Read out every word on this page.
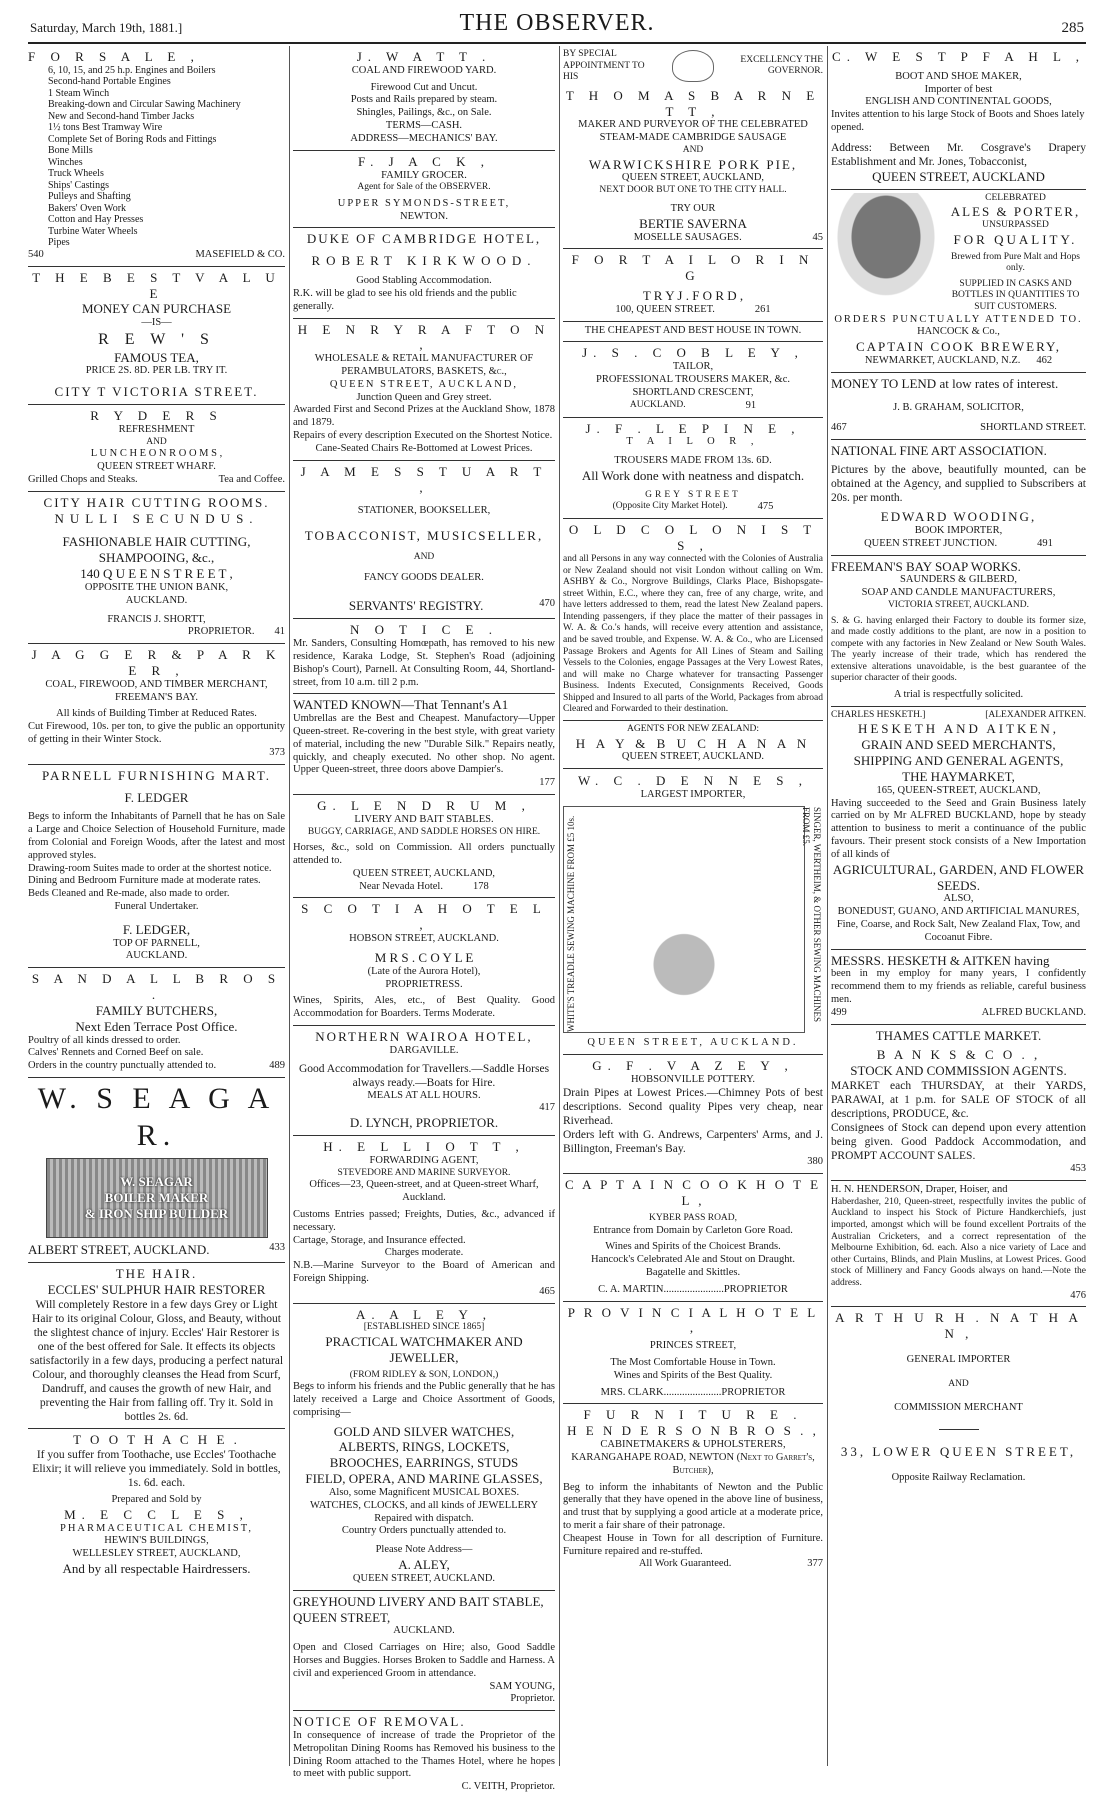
Saturday, March 19th, 1881.]	THE OBSERVER.	285
F O R S A L E ,
6, 10, 15, and 25 h.p. Engines and Boilers
Second-hand Portable Engines
1 Steam Winch
Breaking-down and Circular Sawing Machinery
New and Second-hand Timber Jacks
1½ tons Best Tramway Wire
Complete Set of Boring Rods and Fittings
Bone Mills
Winches
Truck Wheels
Ships' Castings
Pulleys and Shafting
Bakers' Oven Work
Cotton and Hay Presses
Turbine Water Wheels
Pipes
540	MASEFIELD & CO.
T H E B E S T V A L U E
MONEY CAN PURCHASE
—IS—
R E W ' S
FAMOUS TEA,
PRICE 2S. 8D. PER LB. TRY IT.
CITY T VICTORIA STREET.
R Y D E R S
REFRESHMENT
AND
L U N C H E O N R O O M S ,
QUEEN STREET WHARF.
Grilled Chops and Steaks.	Tea and Coffee.
CITY HAIR CUTTING ROOMS.
NULLI SECUNDUS.
FASHIONABLE HAIR CUTTING,
SHAMPOOING, &c.,
140 Q U E E N S T R E E T ,
OPPOSITE THE UNION BANK,
AUCKLAND.
FRANCIS J. SHORTT,
PROPRIETOR. 41
J A G G E R & P A R K E R ,
COAL, FIREWOOD, AND TIMBER MERCHANT,
FREEMAN'S BAY.
All kinds of Building Timber at Reduced Rates.
Cut Firewood, 10s. per ton, to give the public an opportunity of getting in their Winter Stock.
373
PARNELL FURNISHING MART.
F. LEDGER
Begs to inform the Inhabitants of Parnell that he has on Sale a Large and Choice Selection of Household Furniture, made from Colonial and Foreign Woods, after the latest and most approved styles.
Drawing-room Suites made to order at the shortest notice.
Dining and Bedroom Furniture made at moderate rates.
Beds Cleaned and Re-made, also made to order.
Funeral Undertaker.
F. LEDGER,
TOP OF PARNELL,
AUCKLAND.
S A N D A L L B R O S .
FAMILY BUTCHERS,
Next Eden Terrace Post Office.
Poultry of all kinds dressed to order.
Calves' Rennets and Corned Beef on sale.
Orders in the country punctually attended to.	489
W. S E A G A R.
W. SEAGAR
BOILER MAKER
& IRON SHIP BUILDER
ALBERT STREET, AUCKLAND.	433
THE HAIR.
ECCLES' SULPHUR HAIR RESTORER
Will completely Restore in a few days Grey or Light Hair to its original Colour, Gloss, and Beauty, without the slightest chance of injury. Eccles' Hair Restorer is one of the best offered for Sale. It effects its objects satisfactorily in a few days, producing a perfect natural Colour, and thoroughly cleanses the Head from Scurf, Dandruff, and causes the growth of new Hair, and preventing the Hair from falling off. Try it. Sold in bottles 2s. 6d.
T O O T H A C H E .
If you suffer from Toothache, use Eccles' Toothache Elixir; it will relieve you immediately. Sold in bottles, 1s. 6d. each.
Prepared and Sold by
M. E C C L E S ,
PHARMACEUTICAL CHEMIST,
HEWIN'S BUILDINGS,
WELLESLEY STREET, AUCKLAND,
And by all respectable Hairdressers.
J. W A T T .
COAL AND FIREWOOD YARD.
Firewood Cut and Uncut.
Posts and Rails prepared by steam.
Shingles, Pailings, &c., on Sale.
TERMS—CASH.
ADDRESS—MECHANICS' BAY.
F. J A C K ,
FAMILY GROCER.
Agent for Sale of the OBSERVER.
UPPER SYMONDS-STREET,
NEWTON.
DUKE OF CAMBRIDGE HOTEL,
ROBERT KIRKWOOD.
Good Stabling Accommodation.
R.K. will be glad to see his old friends and the public generally.
H E N R Y R A F T O N ,
WHOLESALE & RETAIL MANUFACTURER OF
PERAMBULATORS, BASKETS, &c.,
QUEEN STREET, AUCKLAND,
Junction Queen and Grey street.
Awarded First and Second Prizes at the Auckland Show, 1878 and 1879.
Repairs of every description Executed on the Shortest Notice.
Cane-Seated Chairs Re-Bottomed at Lowest Prices.
J A M E S S T U A R T ,
STATIONER, BOOKSELLER,
TOBACCONIST, MUSICSELLER,
AND
FANCY GOODS DEALER.
SERVANTS' REGISTRY.	470
N O T I C E .
Mr. Sanders, Consulting Homœpath, has removed to his new residence, Karaka Lodge, St. Stephen's Road (adjoining Bishop's Court), Parnell. At Consulting Room, 44, Shortland-street, from 10 a.m. till 2 p.m.
WANTED KNOWN—That Tennant's A1
Umbrellas are the Best and Cheapest. Manufactory—Upper Queen-street. Re-covering in the best style, with great variety of material, including the new "Durable Silk." Repairs neatly, quickly, and cheaply executed. No other shop. No agent. Upper Queen-street, three doors above Dampier's.
177
G. L E N D R U M ,
LIVERY AND BAIT STABLES.
BUGGY, CARRIAGE, AND SADDLE HORSES ON HIRE.
Horses, &c., sold on Commission. All orders punctually attended to.
QUEEN STREET, AUCKLAND,
Near Nevada Hotel.	178
S C O T I A H O T E L ,
HOBSON STREET, AUCKLAND.
M R S . C O Y L E
(Late of the Aurora Hotel),
PROPRIETRESS.
Wines, Spirits, Ales, etc., of Best Quality. Good Accommodation for Boarders. Terms Moderate.
NORTHERN WAIROA HOTEL,
DARGAVILLE.
Good Accommodation for Travellers.—Saddle Horses always ready.—Boats for Hire.
MEALS AT ALL HOURS.
417
D. LYNCH, PROPRIETOR.
H. E L L I O T T ,
FORWARDING AGENT,
STEVEDORE AND MARINE SURVEYOR.
Offices—23, Queen-street, and at Queen-street Wharf, Auckland.
Customs Entries passed; Freights, Duties, &c., advanced if necessary.
Cartage, Storage, and Insurance effected.
Charges moderate.
N.B.—Marine Surveyor to the Board of American and Foreign Shipping.
465
A. A L E Y ,
[ESTABLISHED SINCE 1865]
PRACTICAL WATCHMAKER AND JEWELLER,
(FROM RIDLEY & SON, LONDON,)
Begs to inform his friends and the Public generally that he has lately received a Large and Choice Assortment of Goods, comprising—
GOLD AND SILVER WATCHES,
ALBERTS, RINGS, LOCKETS,
BROOCHES, EARRINGS, STUDS
FIELD, OPERA, AND MARINE GLASSES,
Also, some Magnificent MUSICAL BOXES.
WATCHES, CLOCKS, and all kinds of JEWELLERY Repaired with dispatch.
Country Orders punctually attended to.
Please Note Address—
A. ALEY,
QUEEN STREET, AUCKLAND.
GREYHOUND LIVERY AND BAIT STABLE, QUEEN STREET,
AUCKLAND.
Open and Closed Carriages on Hire; also, Good Saddle Horses and Buggies. Horses Broken to Saddle and Harness. A civil and experienced Groom in attendance.
SAM YOUNG,
Proprietor.
NOTICE OF REMOVAL.
In consequence of increase of trade the Proprietor of the Metropolitan Dining Rooms has Removed his business to the Dining Room attached to the Thames Hotel, where he hopes to meet with public support.
C. VEITH, Proprietor.
BY SPECIAL APPOINTMENT TO HIS
EXCELLENCY THE GOVERNOR.
T H O M A S B A R N E T T ,
MAKER AND PURVEYOR OF THE CELEBRATED
STEAM-MADE CAMBRIDGE SAUSAGE
AND
WARWICKSHIRE PORK PIE,
QUEEN STREET, AUCKLAND,
NEXT DOOR BUT ONE TO THE CITY HALL.
TRY OUR
BERTIE SAVERNA
MOSELLE SAUSAGES.	45
F O R T A I L O R I N G
T R Y J . F O R D ,
100, QUEEN STREET.	261
THE CHEAPEST AND BEST HOUSE IN TOWN.
J. S . C O B L E Y ,
TAILOR,
PROFESSIONAL TROUSERS MAKER, &c.
SHORTLAND CRESCENT,
AUCKLAND.	91
J. F . L E P I N E ,
T A I L O R ,
TROUSERS MADE FROM 13s. 6D.
All Work done with neatness and dispatch.
GREY STREET
(Opposite City Market Hotel).	475
O L D C O L O N I S T S ,
and all Persons in any way connected with the Colonies of Australia or New Zealand should not visit London without calling on Wm. ASHBY & Co., Norgrove Buildings, Clarks Place, Bishopsgate-street Within, E.C., where they can, free of any charge, write, and have letters addressed to them, read the latest New Zealand papers. Intending passengers, if they place the matter of their passages in W. A. & Co.'s hands, will receive every attention and assistance, and be saved trouble, and Expense. W. A. & Co., who are Licensed Passage Brokers and Agents for All Lines of Steam and Sailing Vessels to the Colonies, engage Passages at the Very Lowest Rates, and will make no Charge whatever for transacting Passenger Business. Indents Executed, Consignments Received, Goods Shipped and Insured to all parts of the World, Packages from abroad Cleared and Forwarded to their destination.
AGENTS FOR NEW ZEALAND:
H A Y & B U C H A N A N
QUEEN STREET, AUCKLAND.
W. C . D E N N E S ,
LARGEST IMPORTER,
SINGER, WERTHEIM, & OTHER SEWING MACHINES FROM £5.
WHITE'S TREADLE SEWING MACHINE FROM £5 10s.
QUEEN STREET, AUCKLAND.
G. F . V A Z E Y ,
HOBSONVILLE POTTERY.
Drain Pipes at Lowest Prices.—Chimney Pots of best descriptions. Second quality Pipes very cheap, near Riverhead.
Orders left with G. Andrews, Carpenters' Arms, and J. Billington, Freeman's Bay.
380
C A P T A I N C O O K H O T E L ,
KYBER PASS ROAD,
Entrance from Domain by Carleton Gore Road.
Wines and Spirits of the Choicest Brands.
Hancock's Celebrated Ale and Stout on Draught.
Bagatelle and Skittles.
C. A. MARTIN.......................PROPRIETOR
P R O V I N C I A L H O T E L ,
PRINCES STREET,
The Most Comfortable House in Town.
Wines and Spirits of the Best Quality.
MRS. CLARK......................PROPRIETOR
F U R N I T U R E .
H E N D E R S O N B R O S . ,
CABINETMAKERS & UPHOLSTERERS,
KARANGAHAPE ROAD, NEWTON (Next to Garret's, Butcher),
Beg to inform the inhabitants of Newton and the Public generally that they have opened in the above line of business, and trust that by supplying a good article at a moderate price, to merit a fair share of their patronage.
Cheapest House in Town for all description of Furniture. Furniture repaired and re-stuffed.
All Work Guaranteed.	377
C. W E S T P F A H L ,
BOOT AND SHOE MAKER,
Importer of best
ENGLISH AND CONTINENTAL GOODS,
Invites attention to his large Stock of Boots and Shoes lately opened.
Address: Between Mr. Cosgrave's Drapery Establishment and Mr. Jones, Tobacconist,
QUEEN STREET, AUCKLAND
CELEBRATED
ALES & PORTER,
UNSURPASSED
FOR QUALITY.
Brewed from Pure Malt and Hops only.
SUPPLIED IN CASKS AND BOTTLES IN QUANTITIES TO SUIT CUSTOMERS.
ORDERS PUNCTUALLY ATTENDED TO.
HANCOCK & Co.,
CAPTAIN COOK BREWERY,
NEWMARKET, AUCKLAND, N.Z. 462
MONEY TO LEND at low rates of interest.
J. B. GRAHAM, SOLICITOR,
467	SHORTLAND STREET.
NATIONAL FINE ART ASSOCIATION.
Pictures by the above, beautifully mounted, can be obtained at the Agency, and supplied to Subscribers at 20s. per month.
EDWARD WOODING,
BOOK IMPORTER,
QUEEN STREET JUNCTION.	491
FREEMAN'S BAY SOAP WORKS.
SAUNDERS & GILBERD,
SOAP AND CANDLE MANUFACTURERS,
VICTORIA STREET, AUCKLAND.
S. & G. having enlarged their Factory to double its former size, and made costly additions to the plant, are now in a position to compete with any factories in New Zealand or New South Wales. The yearly increase of their trade, which has rendered the extensive alterations unavoidable, is the best guarantee of the superior character of their goods.
A trial is respectfully solicited.
CHARLES HESKETH.]	[ALEXANDER AITKEN.
HESKETH AND AITKEN,
GRAIN AND SEED MERCHANTS,
SHIPPING AND GENERAL AGENTS,
THE HAYMARKET,
165, QUEEN-STREET, AUCKLAND,
Having succeeded to the Seed and Grain Business lately carried on by Mr ALFRED BUCKLAND, hope by steady attention to business to merit a continuance of the public favours. Their present stock consists of a New Importation of all kinds of
AGRICULTURAL, GARDEN, AND FLOWER SEEDS.
ALSO,
BONEDUST, GUANO, AND ARTIFICIAL MANURES,
Fine, Coarse, and Rock Salt, New Zealand Flax, Tow, and Cocoanut Fibre.
MESSRS. HESKETH & AITKEN having
been in my employ for many years, I confidently recommend them to my friends as reliable, careful business men.
499	ALFRED BUCKLAND.
THAMES CATTLE MARKET.
B A N K S & C O . ,
STOCK AND COMMISSION AGENTS.
MARKET each THURSDAY, at their YARDS, PARAWAI, at 1 p.m. for SALE OF STOCK of all descriptions, PRODUCE, &c.
Consignees of Stock can depend upon every attention being given. Good Paddock Accommodation, and PROMPT ACCOUNT SALES.
453
H. N. HENDERSON, Draper, Hoiser, and
Haberdasher, 210, Queen-street, respectfully invites the public of Auckland to inspect his Stock of Picture Handkerchiefs, just imported, amongst which will be found excellent Portraits of the Australian Cricketers, and a correct representation of the Melbourne Exhibition, 6d. each. Also a nice variety of Lace and other Curtains, Blinds, and Plain Muslins, at Lowest Prices. Good stock of Millinery and Fancy Goods always on hand.—Note the address.
476
A R T H U R H . N A T H A N ,
GENERAL IMPORTER
AND
COMMISSION MERCHANT
33, LOWER QUEEN STREET,
Opposite Railway Reclamation.
